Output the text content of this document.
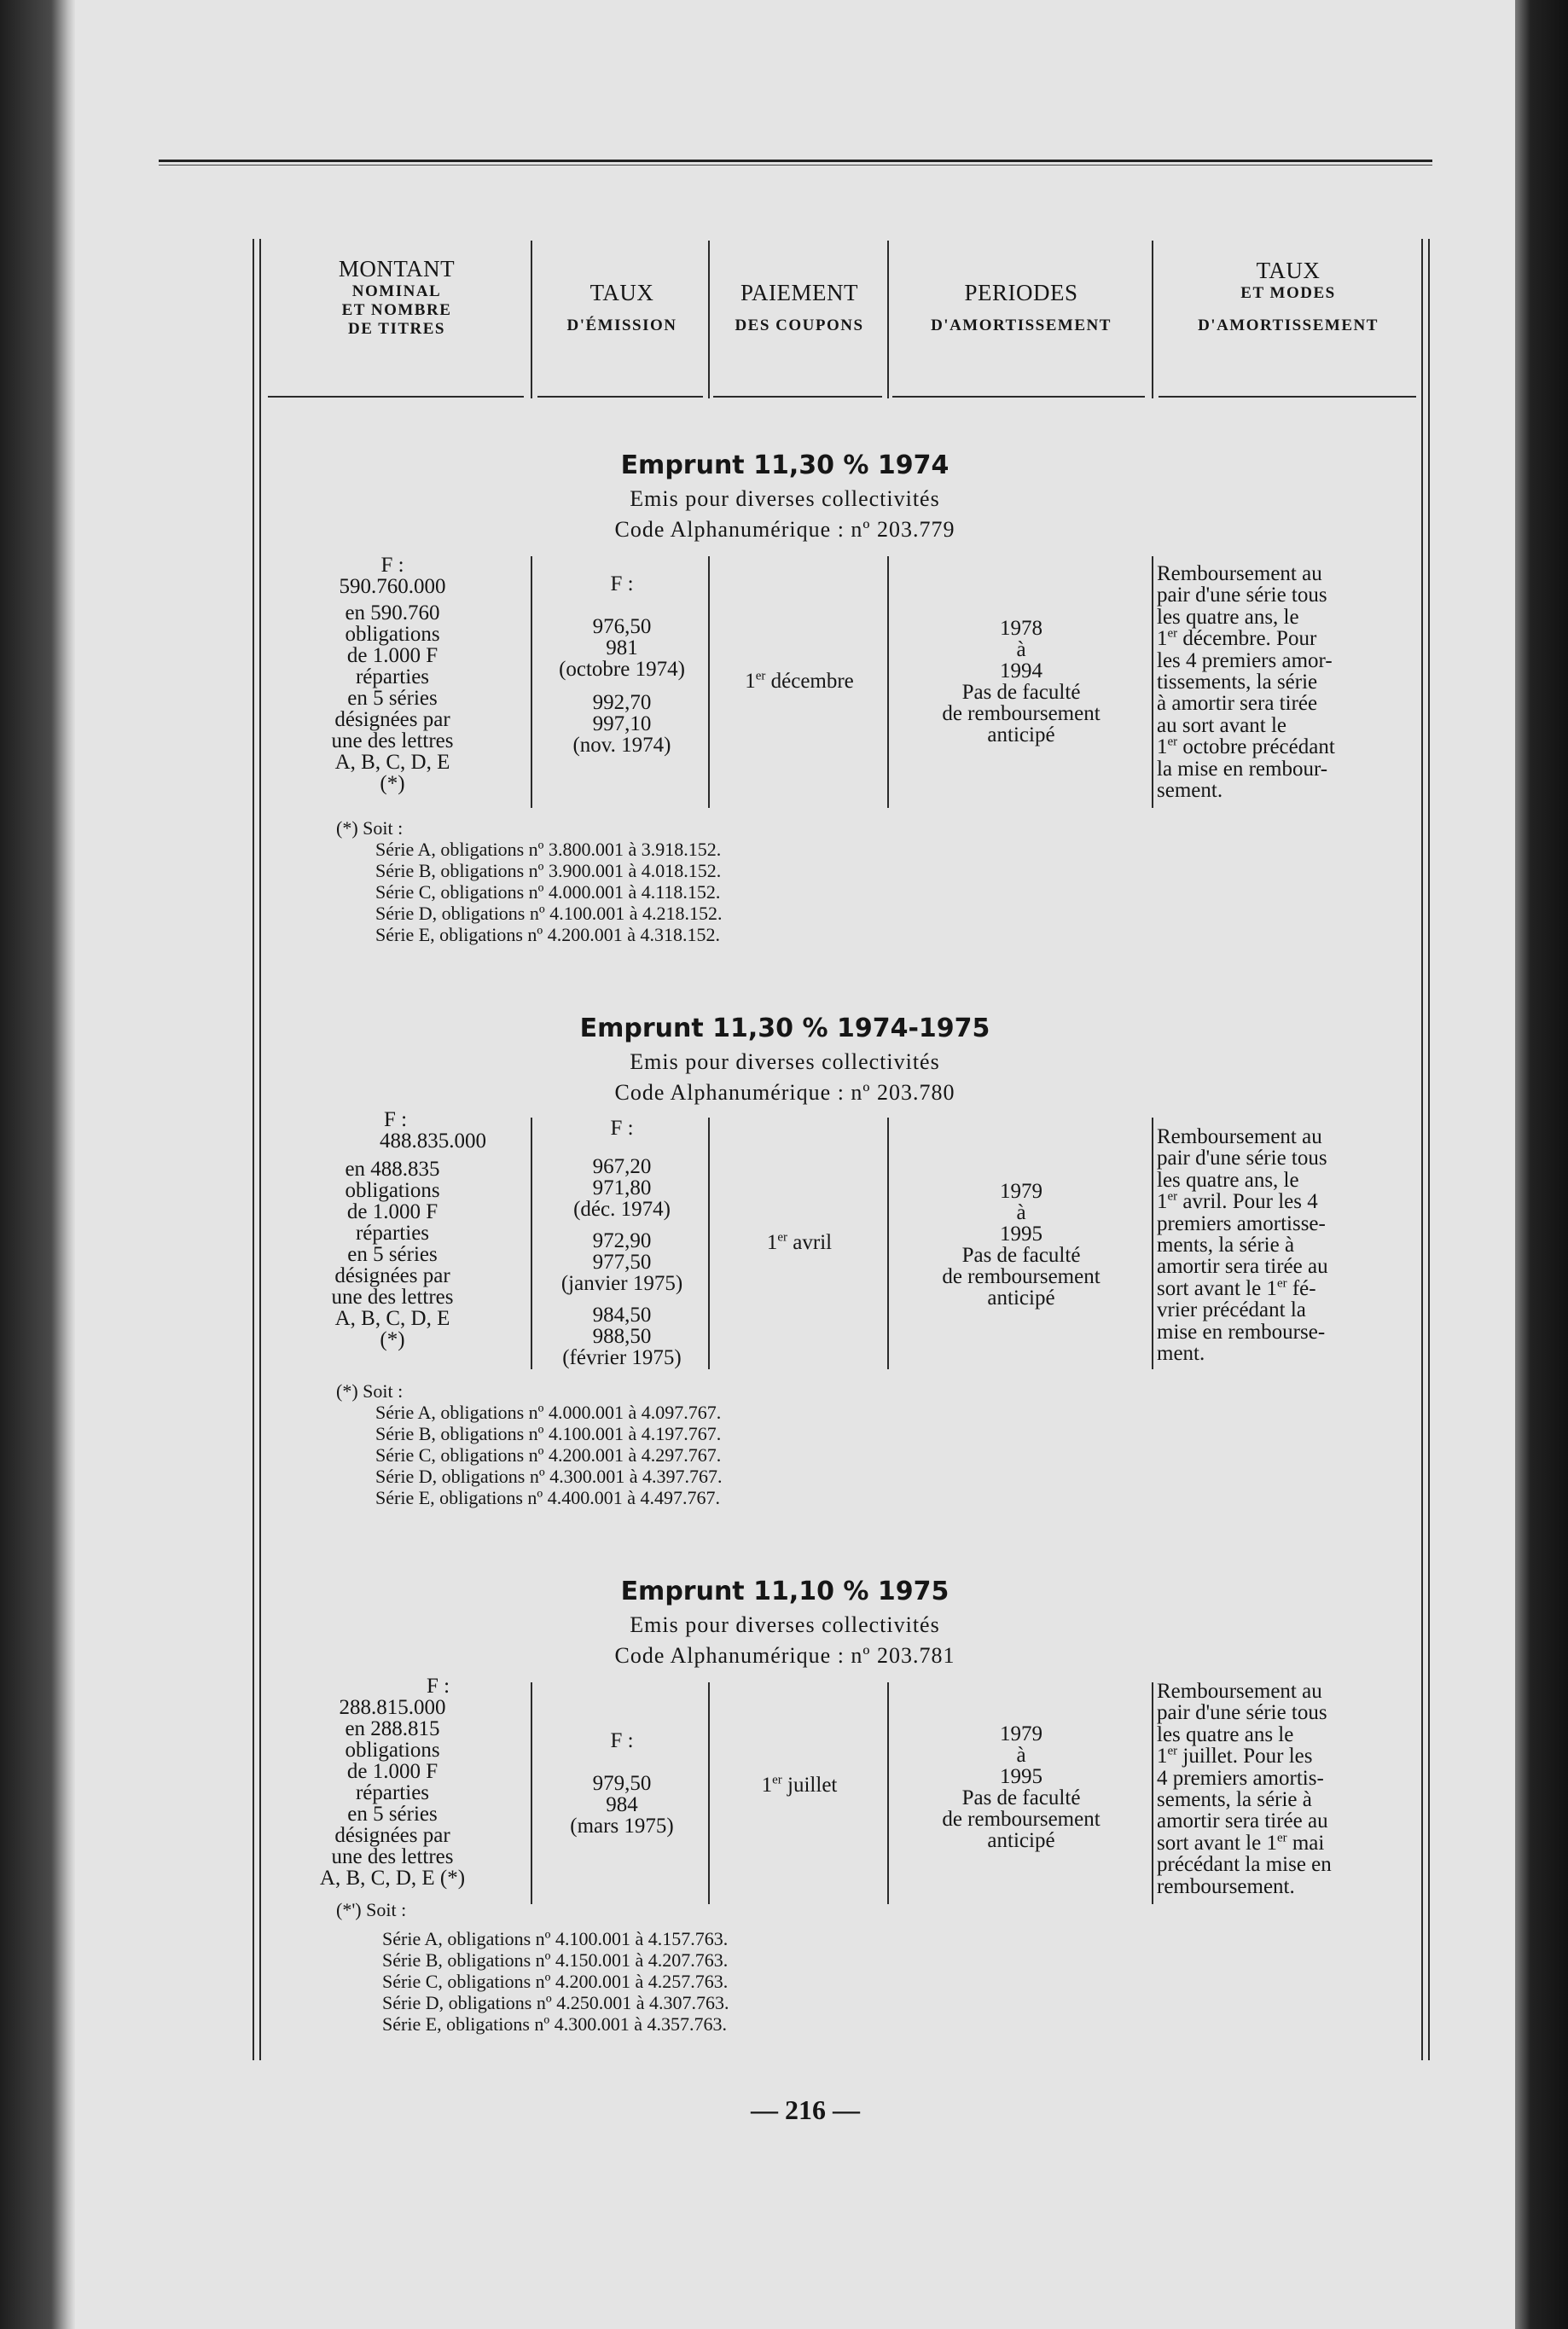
MONTANT
NOMINAL
ET NOMBRE
DE TITRES
TAUX
D'ÉMISSION
PAIEMENT
DES COUPONS
PERIODES
D'AMORTISSEMENT
TAUX
ET MODES
D'AMORTISSEMENT
Emprunt 11,30 % 1974
Emis pour diverses collectivités
Code Alphanumérique : nº 203.779
F :
590.760.000
en 590.760
obligations
de 1.000 F
réparties
en 5 séries
désignées par
une des lettres
A, B, C, D, E
(*)
F :
976,50
981
(octobre 1974)
992,70
997,10
(nov. 1974)
1er décembre
1978
à
1994
Pas de faculté
de remboursement
anticipé
Remboursement au
pair d'une série tous
les quatre ans, le
1er décembre. Pour
les 4 premiers amor-
tissements, la série
à amortir sera tirée
au sort avant le
1er octobre précédant
la mise en rembour-
sement.
(*) Soit :
Série A, obligations nº 3.800.001 à 3.918.152.
Série B, obligations nº 3.900.001 à 4.018.152.
Série C, obligations nº 4.000.001 à 4.118.152.
Série D, obligations nº 4.100.001 à 4.218.152.
Série E, obligations nº 4.200.001 à 4.318.152.
Emprunt 11,30 % 1974-1975
Emis pour diverses collectivités
Code Alphanumérique : nº 203.780
F :
488.835.000
en 488.835
obligations
de 1.000 F
réparties
en 5 séries
désignées par
une des lettres
A, B, C, D, E
(*)
F :
967,20
971,80
(déc. 1974)
972,90
977,50
(janvier 1975)
984,50
988,50
(février 1975)
1er avril
1979
à
1995
Pas de faculté
de remboursement
anticipé
Remboursement au
pair d'une série tous
les quatre ans, le
1er avril. Pour les 4
premiers amortisse-
ments, la série à
amortir sera tirée au
sort avant le 1er fé-
vrier précédant la
mise en rembourse-
ment.
(*) Soit :
Série A, obligations nº 4.000.001 à 4.097.767.
Série B, obligations nº 4.100.001 à 4.197.767.
Série C, obligations nº 4.200.001 à 4.297.767.
Série D, obligations nº 4.300.001 à 4.397.767.
Série E, obligations nº 4.400.001 à 4.497.767.
Emprunt 11,10 % 1975
Emis pour diverses collectivités
Code Alphanumérique : nº 203.781
F :
288.815.000
en 288.815
obligations
de 1.000 F
réparties
en 5 séries
désignées par
une des lettres
A, B, C, D, E (*)
F :
979,50
984
(mars 1975)
1er juillet
1979
à
1995
Pas de faculté
de remboursement
anticipé
Remboursement au
pair d'une série tous
les quatre ans le
1er juillet. Pour les
4 premiers amortis-
sements, la série à
amortir sera tirée au
sort avant le 1er mai
précédant la mise en
remboursement.
(*') Soit :
Série A, obligations nº 4.100.001 à 4.157.763.
Série B, obligations nº 4.150.001 à 4.207.763.
Série C, obligations nº 4.200.001 à 4.257.763.
Série D, obligations nº 4.250.001 à 4.307.763.
Série E, obligations nº 4.300.001 à 4.357.763.
— 216 —
